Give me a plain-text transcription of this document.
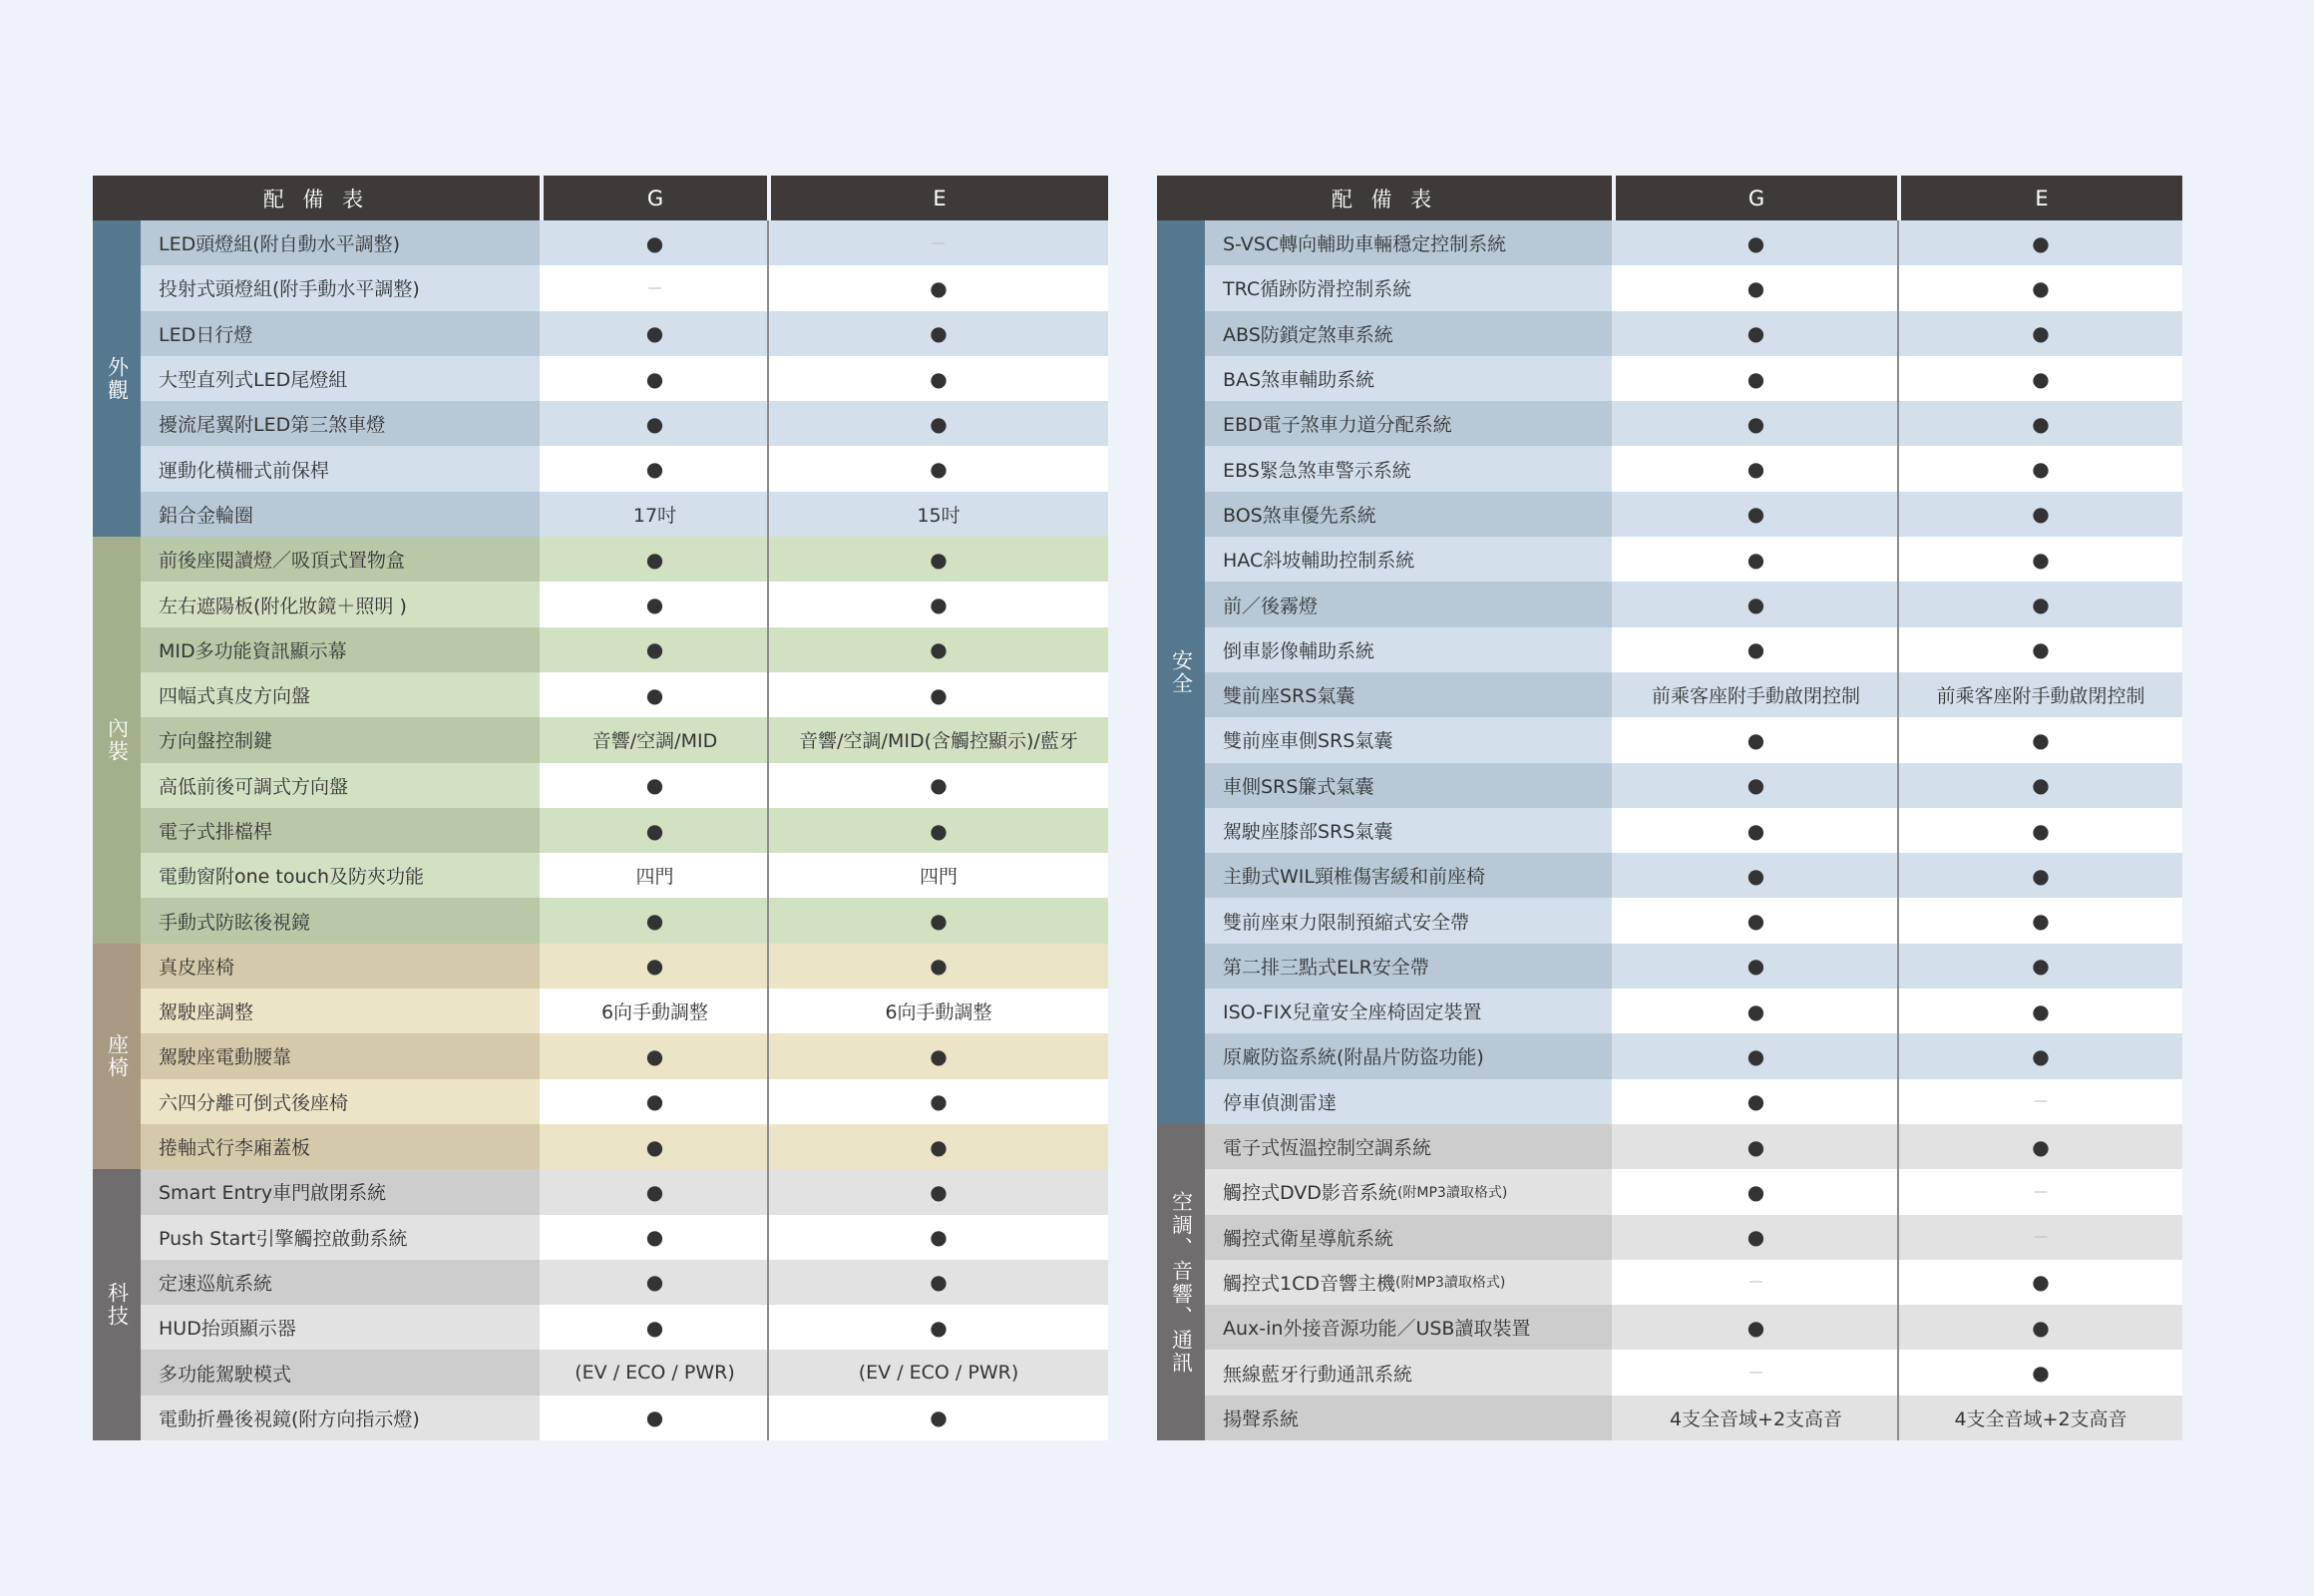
配 備 表	G	E
外觀
內裝
座椅
科技
LED頭燈組(附自動水平調整)	●	—
投射式頭燈組(附手動水平調整)	—	●
LED日行燈	●	●
大型直列式LED尾燈組	●	●
擾流尾翼附LED第三煞車燈	●	●
運動化橫柵式前保桿	●	●
鋁合金輪圈	17吋	15吋
前後座閱讀燈／吸頂式置物盒	●	●
左右遮陽板(附化妝鏡＋照明 )	●	●
MID多功能資訊顯示幕	●	●
四幅式真皮方向盤	●	●
方向盤控制鍵	音響/空調/MID	音響/空調/MID(含觸控顯示)/藍牙
高低前後可調式方向盤	●	●
電子式排檔桿	●	●
電動窗附one touch及防夾功能	四門	四門
手動式防眩後視鏡	●	●
真皮座椅	●	●
駕駛座調整	6向手動調整	6向手動調整
駕駛座電動腰靠	●	●
六四分離可倒式後座椅	●	●
捲軸式行李廂蓋板	●	●
Smart Entry車門啟閉系統	●	●
Push Start引擎觸控啟動系統	●	●
定速巡航系統	●	●
HUD抬頭顯示器	●	●
多功能駕駛模式	(EV / ECO / PWR)	(EV / ECO / PWR)
電動折疊後視鏡(附方向指示燈)	●	●
配 備 表	G	E
安全
空調、音響、通訊
S-VSC轉向輔助車輛穩定控制系統	●	●
TRC循跡防滑控制系統	●	●
ABS防鎖定煞車系統	●	●
BAS煞車輔助系統	●	●
EBD電子煞車力道分配系統	●	●
EBS緊急煞車警示系統	●	●
BOS煞車優先系統	●	●
HAC斜坡輔助控制系統	●	●
前／後霧燈	●	●
倒車影像輔助系統	●	●
雙前座SRS氣囊	前乘客座附手動啟閉控制	前乘客座附手動啟閉控制
雙前座車側SRS氣囊	●	●
車側SRS簾式氣囊	●	●
駕駛座膝部SRS氣囊	●	●
主動式WIL頸椎傷害緩和前座椅	●	●
雙前座束力限制預縮式安全帶	●	●
第二排三點式ELR安全帶	●	●
ISO-FIX兒童安全座椅固定裝置	●	●
原廠防盜系統(附晶片防盜功能)	●	●
停車偵測雷達	●	—
電子式恆溫控制空調系統	●	●
觸控式DVD影音系統 (附MP3讀取格式)	●	—
觸控式衛星導航系統	●	—
觸控式1CD音響主機 (附MP3讀取格式)	—	●
Aux-in外接音源功能／USB讀取裝置	●	●
無線藍牙行動通訊系統	—	●
揚聲系統	4支全音域+2支高音	4支全音域+2支高音
